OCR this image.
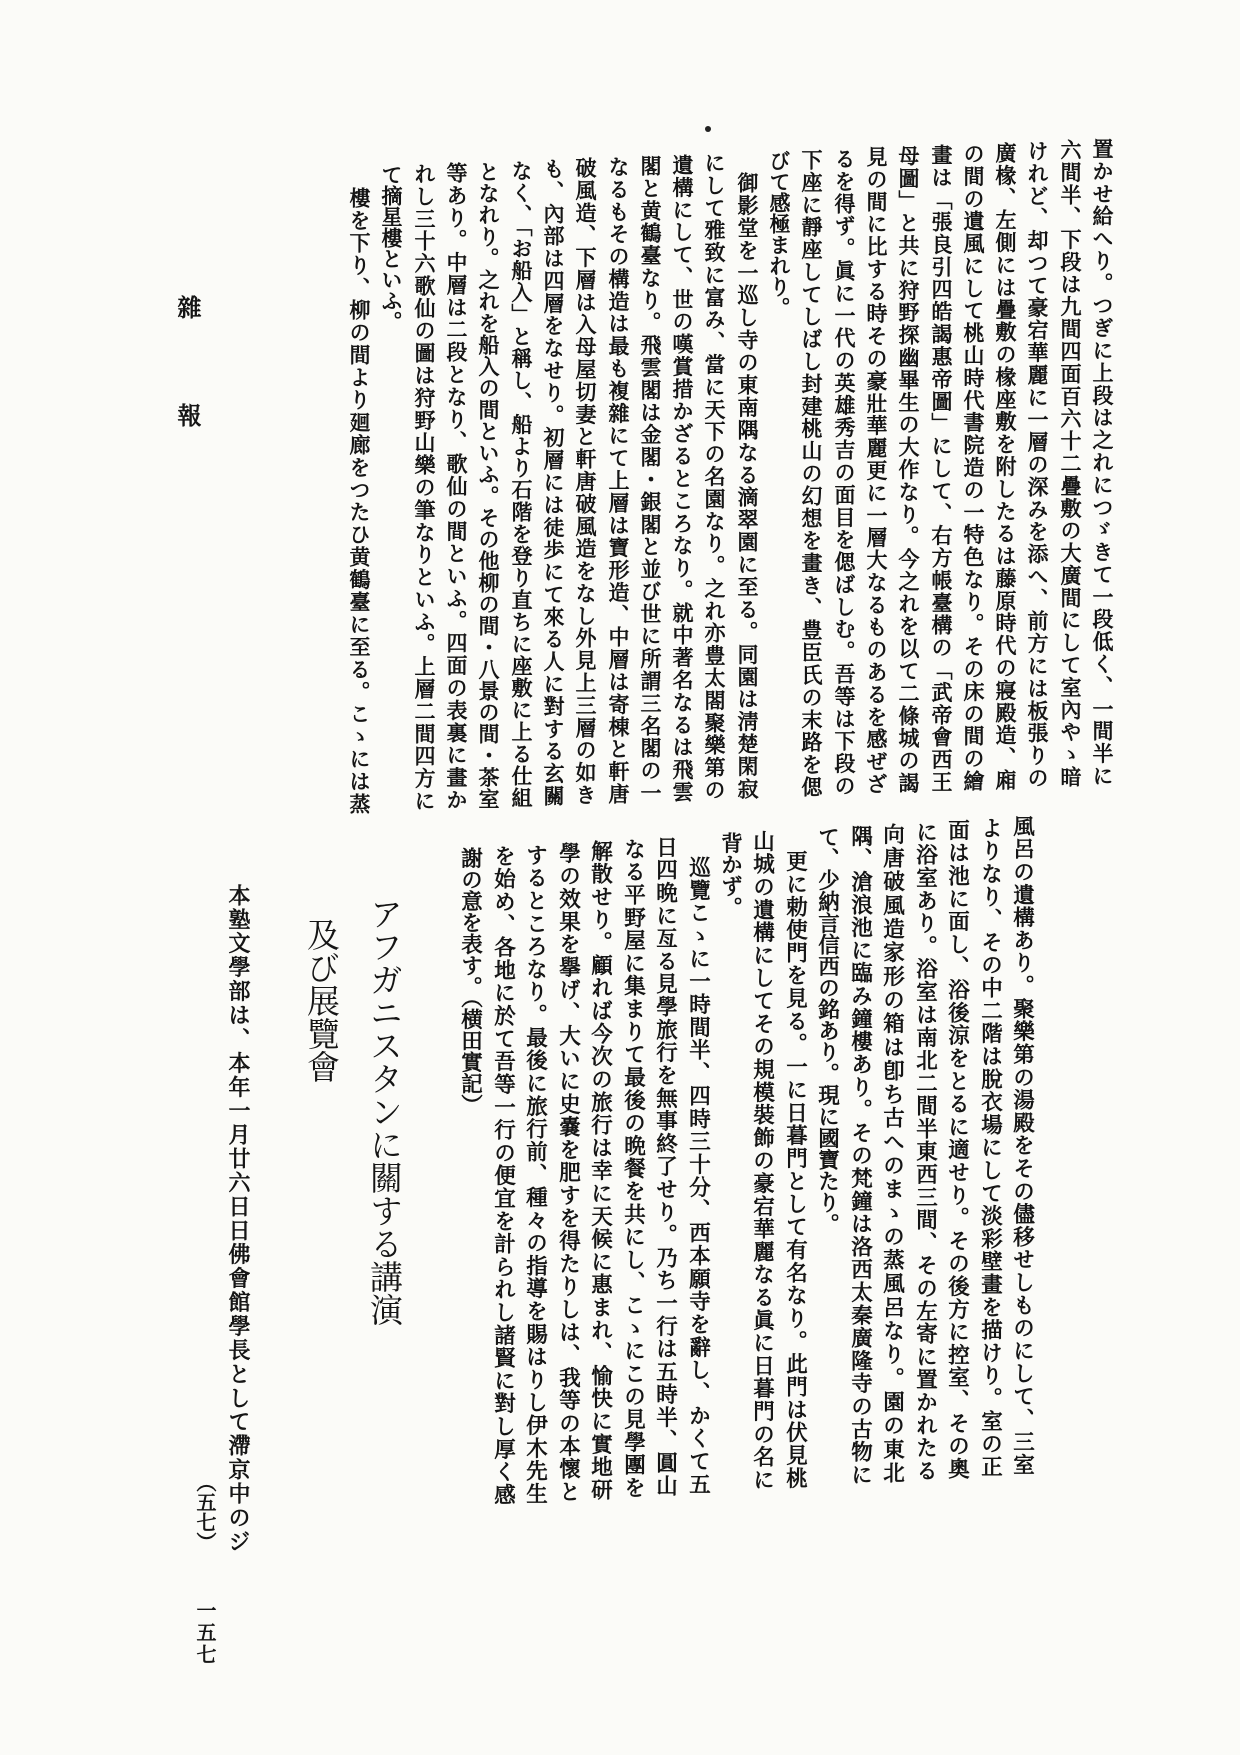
雜報	置かせ給へり。つぎに上段は之れにつゞきて一段低く、一間半に
六間半、下段は九間四面百六十二疊敷の大廣間にして室內やゝ暗
けれど、却つて豪宕華麗に一層の深みを添へ、前方には板張りの
廣椽、左側には疊敷の椽座敷を附したるは藤原時代の寢殿造、廂
の間の遺風にして桃山時代書院造の一特色なり。その床の間の繪
畫は「張良引四皓謁惠帝圖」にして、右方帳臺構の「武帝會西王
母圖」と共に狩野探幽畢生の大作なり。今之れを以て二條城の謁
見の間に比する時その豪壯華麗更に一層大なるものあるを感ぜざ
るを得ず。眞に一代の英雄秀吉の面目を偲ばしむ。吾等は下段の
下座に靜座してしばし封建桃山の幻想を畫き、豊臣氏の末路を偲
びて感極まれり。
御影堂を一巡し寺の東南隅なる滴翠園に至る。同園は淸楚閑寂
にして雅致に富み、當に天下の名園なり。之れ亦豊太閤聚樂第の
遺構にして、世の嘆賞措かざるところなり。就中著名なるは飛雲
閣と黄鶴臺なり。飛雲閣は金閣・銀閣と並び世に所謂三名閣の一
なるもその構造は最も複雜にて上層は寶形造、中層は寄棟と軒唐
破風造、下層は入母屋切妻と軒唐破風造をなし外見上三層の如き
も、內部は四層をなせり。初層には徒歩にて來る人に對する玄關
なく、「お船入」と稱し、船より石階を登り直ちに座敷に上る仕組
となれり。之れを船入の間といふ。その他柳の間・八景の間・茶室
等あり。中層は二段となり、歌仙の間といふ。四面の表裏に畫か
れし三十六歌仙の圖は狩野山樂の筆なりといふ。上層二間四方に
て摘星樓といふ。
樓を下り、柳の間より廻廊をつたひ黄鶴臺に至る。こゝには蒸
風呂の遺構あり。聚樂第の湯殿をその儘移せしものにして、三室
よりなり、その中二階は脫衣場にして淡彩壁畫を描けり。室の正
面は池に面し、浴後涼をとるに適せり。その後方に控室、その奧
に浴室あり。浴室は南北二間半東西三間、その左寄に置かれたる
向唐破風造家形の箱は卽ち古へのまゝの蒸風呂なり。園の東北
隅、滄浪池に臨み鐘樓あり。その梵鐘は洛西太秦廣隆寺の古物に
て、少納言信西の銘あり。現に國寶たり。
更に勅使門を見る。一に日暮門として有名なり。此門は伏見桃
山城の遺構にしてその規模裝飾の豪宕華麗なる眞に日暮門の名に
背かず。
巡覽こゝに一時間半、四時三十分、西本願寺を辭し、かくて五
日四晩に亙る見學旅行を無事終了せり。乃ち一行は五時半、圓山
なる平野屋に集まりて最後の晩餐を共にし、こゝにこの見學團を
解散せり。顧れば今次の旅行は幸に天候に惠まれ、愉快に實地研
學の效果を擧げ、大いに史嚢を肥すを得たりしは、我等の本懷と
するところなり。最後に旅行前、種々の指導を賜はりし伊木先生
を始め、各地に於て吾等一行の便宜を計られし諸賢に對し厚く感
謝の意を表す。（横田實記）
アフガニスタンに關する講演
及び展覽會
本塾文學部は、本年一月廿六日日佛會館學長として滯京中のジ
（五七）
一五七
